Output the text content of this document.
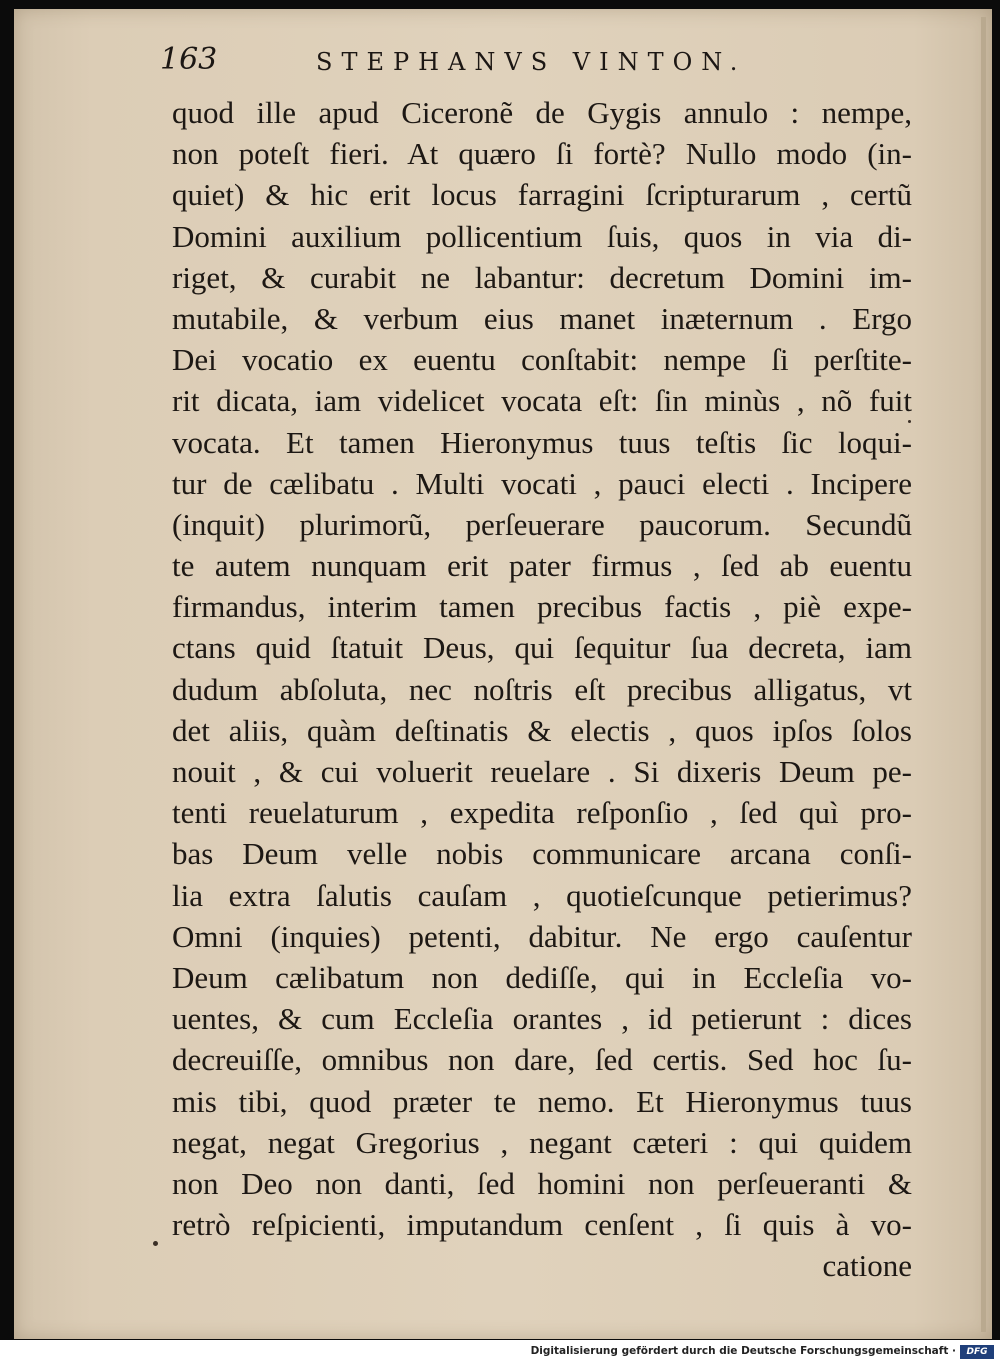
163	STEPHANVS VINTON.
quod ille apud Ciceronẽ de Gygis annulo : nempe,
non poteſt fieri. At quæro ſi fortè? Nullo modo (in-
quiet) & hic erit locus farragini ſcripturarum , certũ
Domini auxilium pollicentium ſuis, quos in via di-
riget, & curabit ne labantur: decretum Domini im-
mutabile, & verbum eius manet inæternum . Ergo
Dei vocatio ex euentu conſtabit: nempe ſi perſtite-
rit dicata, iam videlicet vocata eſt: ſin minùs , nõ fuit
vocata. Et tamen Hieronymus tuus teſtis ſic loqui-
tur de cælibatu . Multi vocati , pauci electi . Incipere
(inquit) plurimorũ, perſeuerare paucorum. Secundũ
te autem nunquam erit pater firmus , ſed ab euentu
firmandus, interim tamen precibus factis , piè expe-
ctans quid ſtatuit Deus, qui ſequitur ſua decreta, iam
dudum abſoluta, nec noſtris eſt precibus alligatus, vt
det aliis, quàm deſtinatis & electis , quos ipſos ſolos
nouit , & cui voluerit reuelare . Si dixeris Deum pe-
tenti reuelaturum , expedita reſponſio , ſed quì pro-
bas Deum velle nobis communicare arcana conſi-
lia extra ſalutis cauſam , quotieſcunque petierimus?
Omni (inquies) petenti, dabitur. Ne ergo cauſentur
Deum cælibatum non dediſſe, qui in Eccleſia vo-
uentes, & cum Eccleſia orantes , id petierunt : dices
decreuiſſe, omnibus non dare, ſed certis. Sed hoc ſu-
mis tibi, quod præter te nemo. Et Hieronymus tuus
negat, negat Gregorius , negant cæteri : qui quidem
non Deo non danti, ſed homini non perſeueranti &
retrò reſpicienti, imputandum cenſent , ſi quis à vo-
catione
Digitalisierung gefördert durch die Deutsche Forschungsgemeinschaft ·	DFG
